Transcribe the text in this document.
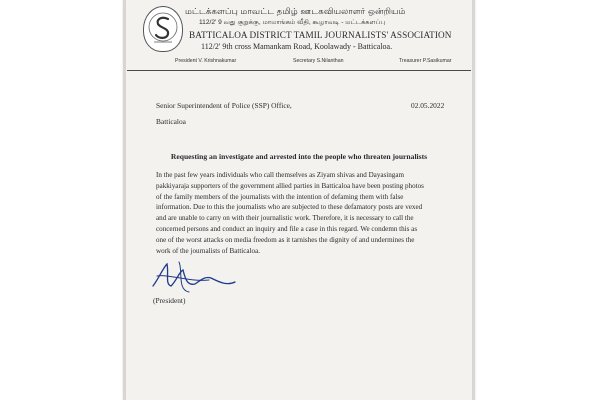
மட்டக்களப்பு மாவட்ட தமிழ் ஊடகவியலாளர் ஒன்றியம்
112/2' 9 வது குறுக்கு, மாமாங்கம் வீதி, கூழாவடி - மட்டக்களப்பு
BATTICALOA DISTRICT TAMIL JOURNALISTS' ASSOCIATION
112/2' 9th cross Mamankam Road, Koolawady - Batticaloa.
President V. Krishnakumar	Secretary S.Nilanthan	Treasurer P.Sasikumar
Senior Superintendent of Police (SSP) Office,	02.05.2022
Batticaloa
Requesting an investigate and arrested into the people who threaten journalists
In the past few years individuals who call themselves as Ziyam shivas and Dayasingam
pakkiyaraja supporters of the government allied parties in Batticaloa have been posting photos
of the family members of the journalists with the intention of defaming them with false
information. Due to this the journalists who are subjected to these defamatory posts are vexed
and are unable to carry on with their journalistic work. Therefore, it is necessary to call the
concerned persons and conduct an inquiry and file a case in this regard. We condemn this as
one of the worst attacks on media freedom as it tarnishes the dignity of and undermines the
work of the journalists of Batticaloa.
(President)
